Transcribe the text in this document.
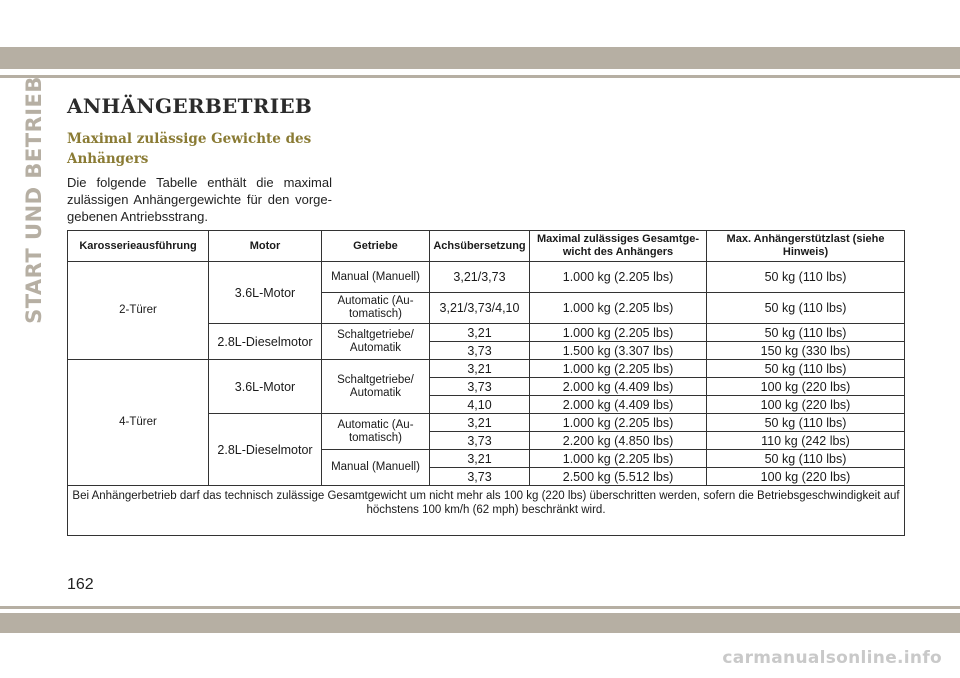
START UND BETRIEB ANHÄNGERBETRIEB
Maximal zulässige Gewichte des
Anhängers

Die folgende Tabelle enthält die maximal zulässigen Anhängergewichte für den vorgegebenen Antriebsstrang.

Karosserieausführung	Motor	Getriebe	Achsübersetzung	Maximal zulässiges Gesamtgewicht des Anhängers	Max. Anhängerstützlast (siehe Hinweis)
2-Türer	3.6L-Motor	Manual (Manuell)	3,21/3,73	1.000 kg (2.205 lbs)	50 kg (110 lbs)
		Automatic (Automatisch)	3,21/3,73/4,10	1.000 kg (2.205 lbs)	50 kg (110 lbs)
	2.8L-Dieselmotor	Schaltgetriebe/ Automatik	3,21	1.000 kg (2.205 lbs)	50 kg (110 lbs)
			3,73	1.500 kg (3.307 lbs)	150 kg (330 lbs)
4-Türer	3.6L-Motor	Schaltgetriebe/ Automatik	3,21	1.000 kg (2.205 lbs)	50 kg (110 lbs)
			3,73	2.000 kg (4.409 lbs)	100 kg (220 lbs)
			4,10	2.000 kg (4.409 lbs)	100 kg (220 lbs)
	2.8L-Dieselmotor	Automatic (Automatisch)	3,21	1.000 kg (2.205 lbs)	50 kg (110 lbs)
			3,73	2.200 kg (4.850 lbs)	110 kg (242 lbs)
		Manual (Manuell)	3,21	1.000 kg (2.205 lbs)	50 kg (110 lbs)
			3,73	2.500 kg (5.512 lbs)	100 kg (220 lbs)
Bei Anhängerbetrieb darf das technisch zulässige Gesamtgewicht um nicht mehr als 100 kg (220 lbs) überschritten werden, sofern die Betriebsgeschwindigkeit auf höchstens 100 km/h (62 mph) beschränkt wird.					
162
carmanualsonline.info
